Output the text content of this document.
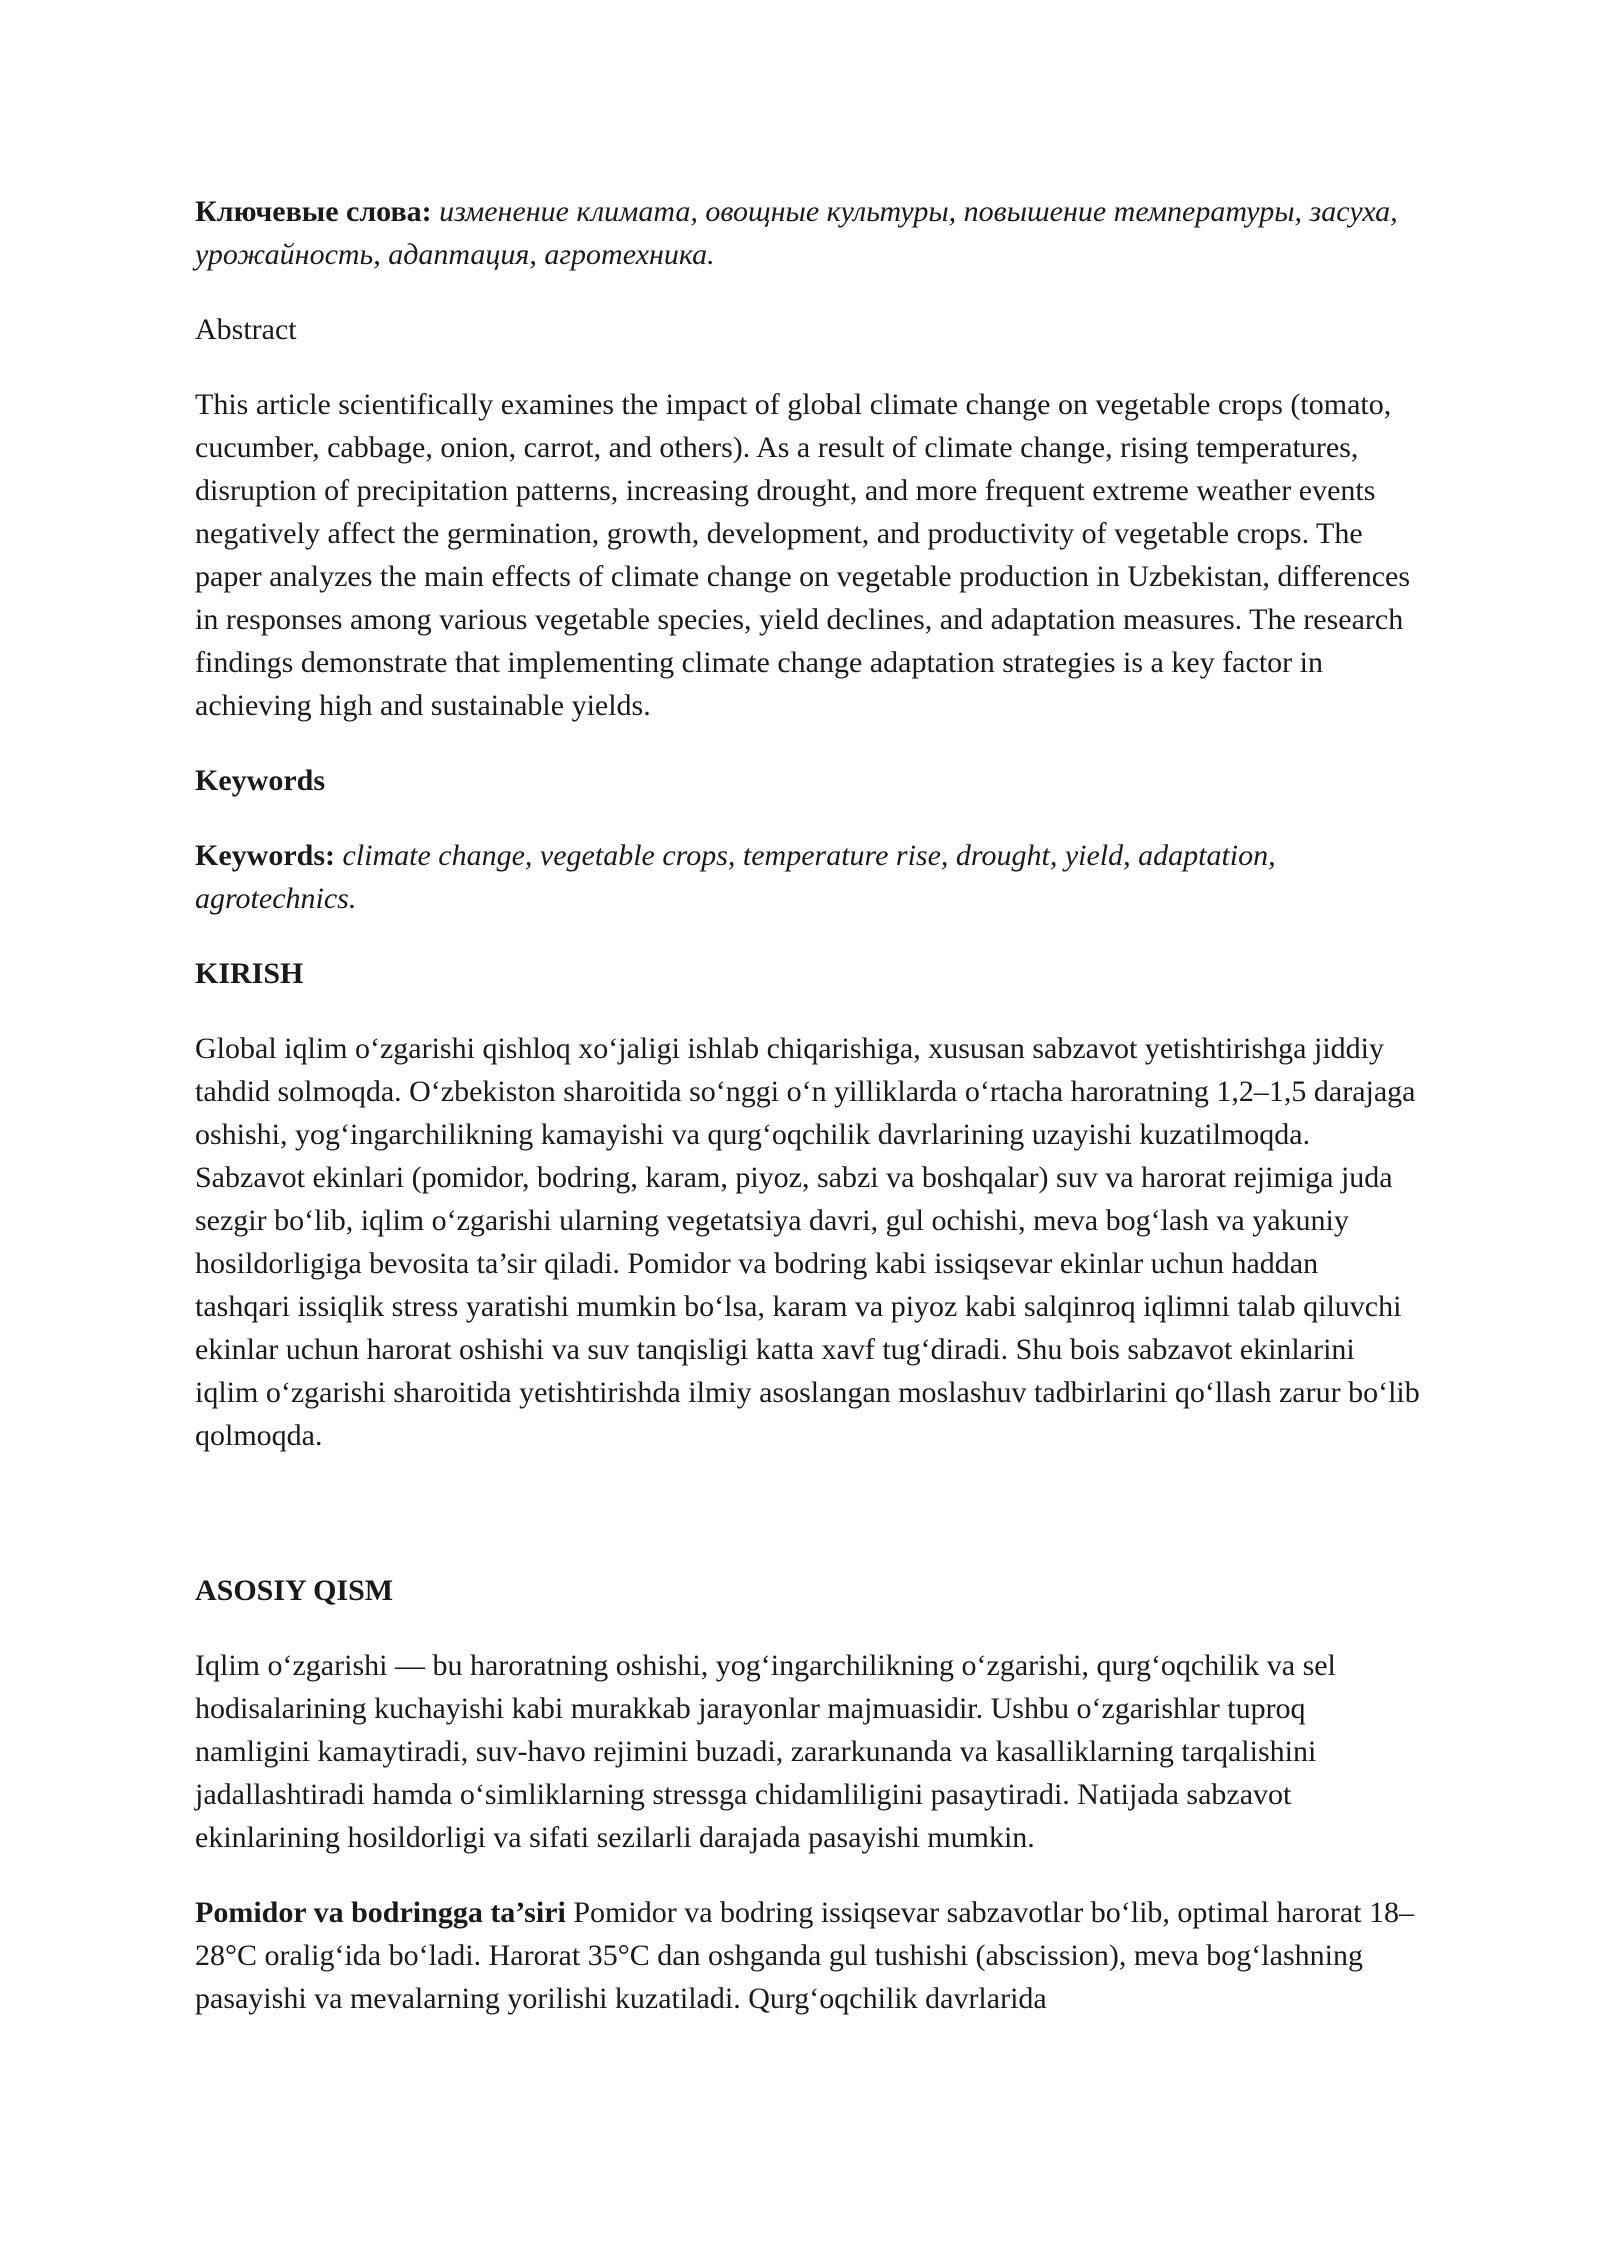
Ключевые слова: изменение климата, овощные культуры, повышение температуры, засуха, урожайность, адаптация, агротехника.

Abstract

This article scientifically examines the impact of global climate change on vegetable crops (tomato, cucumber, cabbage, onion, carrot, and others). As a result of climate change, rising temperatures, disruption of precipitation patterns, increasing drought, and more frequent extreme weather events negatively affect the germination, growth, development, and productivity of vegetable crops. The paper analyzes the main effects of climate change on vegetable production in Uzbekistan, differences in responses among various vegetable species, yield declines, and adaptation measures. The research findings demonstrate that implementing climate change adaptation strategies is a key factor in achieving high and sustainable yields.

Keywords

Keywords: climate change, vegetable crops, temperature rise, drought, yield, adaptation, agrotechnics.

KIRISH

Global iqlim o‘zgarishi qishloq xo‘jaligi ishlab chiqarishiga, xususan sabzavot yetishtirishga jiddiy tahdid solmoqda. O‘zbekiston sharoitida so‘nggi o‘n yilliklarda o‘rtacha haroratning 1,2–1,5 darajaga oshishi, yog‘ingarchilikning kamayishi va qurg‘oqchilik davrlarining uzayishi kuzatilmoqda. Sabzavot ekinlari (pomidor, bodring, karam, piyoz, sabzi va boshqalar) suv va harorat rejimiga juda sezgir bo‘lib, iqlim o‘zgarishi ularning vegetatsiya davri, gul ochishi, meva bog‘lash va yakuniy hosildorligiga bevosita ta’sir qiladi. Pomidor va bodring kabi issiqsevar ekinlar uchun haddan tashqari issiqlik stress yaratishi mumkin bo‘lsa, karam va piyoz kabi salqinroq iqlimni talab qiluvchi ekinlar uchun harorat oshishi va suv tanqisligi katta xavf tug‘diradi. Shu bois sabzavot ekinlarini iqlim o‘zgarishi sharoitida yetishtirishda ilmiy asoslangan moslashuv tadbirlarini qo‘llash zarur bo‘lib qolmoqda.

ASOSIY QISM

Iqlim o‘zgarishi — bu haroratning oshishi, yog‘ingarchilikning o‘zgarishi, qurg‘oqchilik va sel hodisalarining kuchayishi kabi murakkab jarayonlar majmuasidir. Ushbu o‘zgarishlar tuproq namligini kamaytiradi, suv-havo rejimini buzadi, zararkunanda va kasalliklarning tarqalishini jadallashtiradi hamda o‘simliklarning stressga chidamliligini pasaytiradi. Natijada sabzavot ekinlarining hosildorligi va sifati sezilarli darajada pasayishi mumkin.

Pomidor va bodringga ta’siri Pomidor va bodring issiqsevar sabzavotlar bo‘lib, optimal harorat 18–28°C oralig‘ida bo‘ladi. Harorat 35°C dan oshganda gul tushishi (abscission), meva bog‘lashning pasayishi va mevalarning yorilishi kuzatiladi. Qurg‘oqchilik davrlarida
